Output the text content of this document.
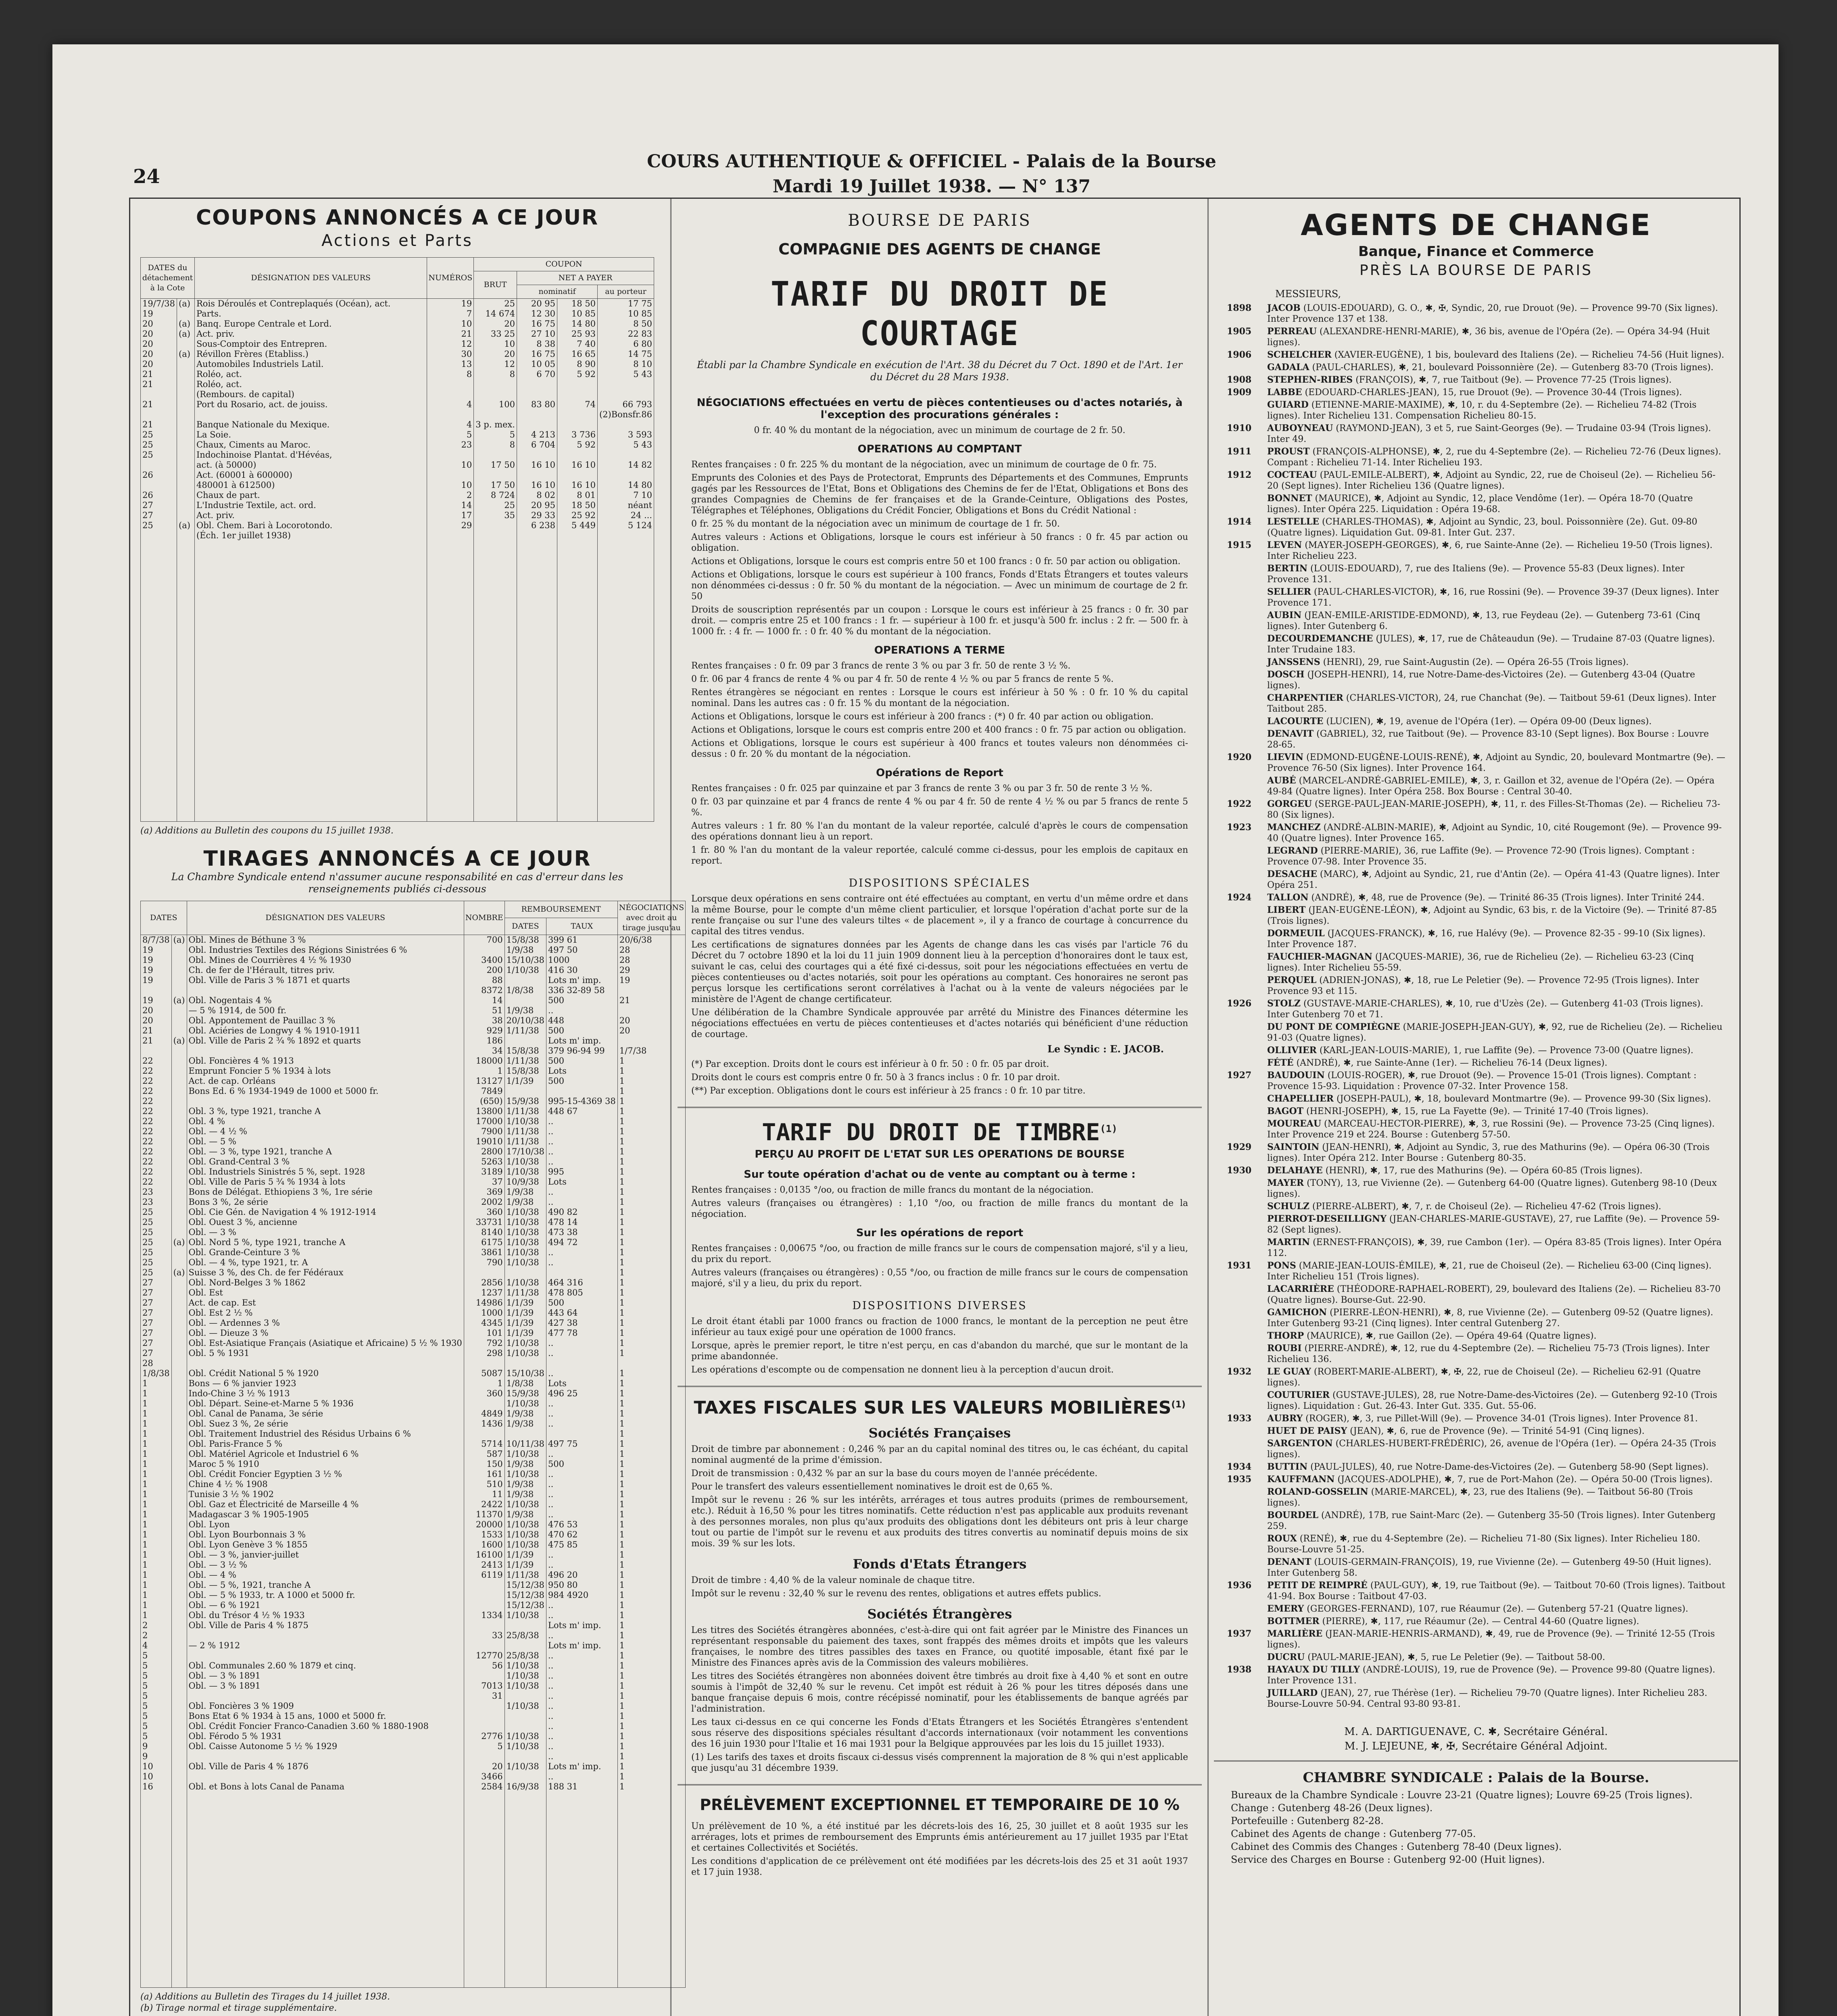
24
COURS AUTHENTIQUE & OFFICIEL - Palais de la Bourse
Mardi 19 Juillet 1938. — N° 137
COUPONS ANNONCÉS A CE JOUR
Actions et Parts
DATES du détachement à la Cote		DÉSIGNATION DES VALEURS	NUMÉROS	COUPON			
				BRUT	NET A PAYER		
					nominatif		au porteur
19/7/38	(a)	Rois Déroulés et Contreplaqués (Océan), act.	19	25	20 95	18 50	17 75
19		Parts.	7	14 674	12 30	10 85	10 85
20	(a)	Banq. Europe Centrale et Lord.	10	20	16 75	14 80	8 50
20	(a)	Act. priv.	21	33 25	27 10	25 93	22 83
20		Sous-Comptoir des Entrepren.	12	10	8 38	7 40	6 80
20	(a)	Révillon Frères (Etabliss.)	30	20	16 75	16 65	14 75
20		Automobiles Industriels Latil.	13	12	10 05	8 90	8 10
21		Roléo, act.	8	8	6 70	5 92	5 43
21		Roléo, act.					
		(Rembours. de capital)					
21		Port du Rosario, act. de jouiss.	4	100	83 80	74	66 793
							(2)Bonsfr.86
21		Banque Nationale du Mexique.	4	3 p. mex.			
25		La Soie.	5	5	4 213	3 736	3 593
25		Chaux, Ciments au Maroc.	23	8	6 704	5 92	5 43
25		Indochinoise Plantat. d'Hévéas,					
		act. (à 50000)	10	17 50	16 10	16 10	14 82
26		Act. (60001 à 600000)					
		480001 à 612500)	10	17 50	16 10	16 10	14 80
26		Chaux de part.	2	8 724	8 02	8 01	7 10
27		L'Industrie Textile, act. ord.	14	25	20 95	18 50	néant
27		Act. priv.	17	35	29 33	25 92	24 ...

25	(a)	Obl. Chem. Bari à Locorotondo.	29		6 238	5 449	5 124
		(Éch. 1er juillet 1938)					

(a) Additions au Bulletin des coupons du 15 juillet 1938.
TIRAGES ANNONCÉS A CE JOUR
La Chambre Syndicale entend n'assumer aucune responsabilité en cas d'erreur dans les renseignements publiés ci-dessous
DATES		DÉSIGNATION DES VALEURS	NOMBRE	REMBOURSEMENT		NÉGOCIATIONS avec droit au tirage jusqu'au
				DATES	TAUX	
8/7/38	(a)	Obl. Mines de Béthune 3 %	700	15/8/38	399 61	20/6/38
19		Obl. Industries Textiles des Régions Sinistrées 6 %		1/9/38	497 50	28
19		Obl. Mines de Courrières 4 ½ % 1930	3400	15/10/38	1000	28
19		Ch. de fer de l'Hérault, titres priv.	200	1/10/38	416 30	29
19		Obl. Ville de Paris 3 % 1871 et quarts	88		Lots m' imp.	19
			8372	1/8/38	336 32-89 58	
19	(a)	Obl. Nogentais 4 %	14		500	21
20		— 5 % 1914, de 500 fr.	51	1/9/38	..	
20		Obl. Appontement de Pauillac 3 %	38	20/10/38	448	20
21		Obl. Aciéries de Longwy 4 % 1910-1911	929	1/11/38	500	20
21	(a)	Obl. Ville de Paris 2 ¾ % 1892 et quarts	186		Lots m' imp.	
			34	15/8/38	379 96-94 99	1/7/38
22		Obl. Foncières 4 % 1913	18000	1/11/38	500	1
22		Emprunt Foncier 5 % 1934 à lots	1	15/8/38	Lots	1
22		Act. de cap. Orléans	13127	1/1/39	500	1
22		Bons Ed. 6 % 1934-1949 de 1000 et 5000 fr.	7849			1
22			(650)	15/9/38	995-15-4369 38	1
22		Obl. 3 %, type 1921, tranche A	13800	1/11/38	448 67	1
22		Obl. 4 %	17000	1/10/38	..	1
22		Obl. — 4 ½ %	7900	1/11/38	..	1
22		Obl. — 5 %	19010	1/11/38	..	1
22		Obl. — 3 %, type 1921, tranche A	2800	17/10/38	..	1
22		Obl. Grand-Central 3 %	5263	1/10/38	..	1
22		Obl. Industriels Sinistrés 5 %, sept. 1928	3189	1/10/38	995	1
22		Obl. Ville de Paris 5 ¾ % 1934 à lots	37	10/9/38	Lots	1
23		Bons de Délégat. Ethiopiens 3 %, 1re série	369	1/9/38	..	1
23		Bons 3 %, 2e série	2002	1/9/38	..	1
25		Obl. Cie Gén. de Navigation 4 % 1912-1914	360	1/10/38	490 82	1
25		Obl. Ouest 3 %, ancienne	33731	1/10/38	478 14	1
25		Obl. — 3 %	8140	1/10/38	473 38	1
25	(a)	Obl. Nord 5 %, type 1921, tranche A	6175	1/10/38	494 72	1
25		Obl. Grande-Ceinture 3 %	3861	1/10/38	..	1
25		Obl. — 4 %, type 1921, tr. A	790	1/10/38	..	1
25	(a)	Suisse 3 %, des Ch. de fer Fédéraux				1
27		Obl. Nord-Belges 3 % 1862	2856	1/10/38	464 316	1
27		Obl. Est	1237	1/11/38	478 805	1
27		Act. de cap. Est	14986	1/1/39	500	1
27		Obl. Est 2 ½ %	1000	1/1/39	443 64	1
27		Obl. — Ardennes 3 %	4345	1/1/39	427 38	1
27		Obl. — Dieuze 3 %	101	1/1/39	477 78	1
27		Obl. Est-Asiatique Français (Asiatique et Africaine) 5 ½ % 1930	792	1/10/38	..	1
27		Obl. 5 % 1931	298	1/10/38	..	1
28						
1/8/38		Obl. Crédit National 5 % 1920	5087	15/10/38	..	1
1		Bons — 6 % janvier 1923	1	1/8/38	Lots	1
1		Indo-Chine 3 ½ % 1913	360	15/9/38	496 25	1
1		Obl. Départ. Seine-et-Marne 5 % 1936		1/10/38	..	1
1		Obl. Canal de Panama, 3e série	4849	1/9/38	..	1
1		Obl. Suez 3 %, 2e série	1436	1/9/38	..	1
1		Obl. Traitement Industriel des Résidus Urbains 6 %				1
1		Obl. Paris-France 5 %	5714	10/11/38	497 75	1
1		Obl. Matériel Agricole et Industriel 6 %	587	1/10/38	..	1
1		Maroc 5 % 1910	150	1/9/38	500	1
1		Obl. Crédit Foncier Egyptien 3 ½ %	161	1/10/38	..	1
1		Chine 4 ½ % 1908	510	1/9/38	..	1
1		Tunisie 3 ½ % 1902	11	1/9/38	..	1
1		Obl. Gaz et Électricité de Marseille 4 %	2422	1/10/38	..	1
1		Madagascar 3 % 1905-1905	11370	1/9/38	..	1
1		Obl. Lyon	20000	1/10/38	476 53	1
1		Obl. Lyon Bourbonnais 3 %	1533	1/10/38	470 62	1
1		Obl. Lyon Genève 3 % 1855	1600	1/10/38	475 85	1
1		Obl. — 3 %, janvier-juillet	16100	1/1/39	..	1
1		Obl. — 3 ½ %	2413	1/1/39	..	1
1		Obl. — 4 %	6119	1/11/38	496 20	1
1		Obl. — 5 %, 1921, tranche A		15/12/38	950 80	1
1		Obl. — 5 % 1933, tr. A 1000 et 5000 fr.		15/12/38	984 4920	1
1		Obl. — 6 % 1921		15/12/38	..	1
1		Obl. du Trésor 4 ½ % 1933	1334	1/10/38	..	1
2		Obl. Ville de Paris 4 % 1875			Lots m' imp.	1
2			33	25/8/38	..	1
4		— 2 % 1912			Lots m' imp.	1
5			12770	25/8/38	..	1
5		Obl. Communales 2.60 % 1879 et cinq.	56	1/10/38	..	1
5		Obl. — 3 % 1891		1/10/38	..	1
5		Obl. — 3 % 1891	7013	1/10/38	..	1
5			31		..	1
5		Obl. Foncières 3 % 1909		1/10/38	..	1
5		Bons Etat 6 % 1934 à 15 ans, 1000 et 5000 fr.			..	1
5		Obl. Crédit Foncier Franco-Canadien 3.60 % 1880-1908			..	1
5		Obl. Férodo 5 % 1931	2776	1/10/38	..	1
9		Obl. Caisse Autonome 5 ½ % 1929	5	1/10/38	..	1
9					..	1
10		Obl. Ville de Paris 4 % 1876	20	1/10/38	Lots m' imp.	1
10			3466		..	1
16		Obl. et Bons à lots Canal de Panama	2584	16/9/38	188 31	1

(a) Additions au Bulletin des Tirages du 14 juillet 1938.
(b) Tirage normal et tirage supplémentaire.
BOURSE DE PARIS
COMPAGNIE DES AGENTS DE CHANGE
TARIF DU DROIT DE COURTAGE
Établi par la Chambre Syndicale en exécution de l'Art. 38 du Décret du 7 Oct. 1890 et de l'Art. 1er du Décret du 28 Mars 1938.
NÉGOCIATIONS effectuées en vertu de pièces contentieuses ou d'actes notariés, à l'exception des procurations générales :

0 fr. 40 % du montant de la négociation, avec un minimum de courtage de 2 fr. 50.

OPERATIONS AU COMPTANT

Rentes françaises : 0 fr. 225 % du montant de la négociation, avec un minimum de courtage de 0 fr. 75.

Emprunts des Colonies et des Pays de Protectorat, Emprunts des Départements et des Communes, Emprunts gagés par les Ressources de l'Etat, Bons et Obligations des Chemins de fer de l'Etat, Obligations et Bons des grandes Compagnies de Chemins de fer françaises et de la Grande-Ceinture, Obligations des Postes, Télégraphes et Téléphones, Obligations du Crédit Foncier, Obligations et Bons du Crédit National :

0 fr. 25 % du montant de la négociation avec un minimum de courtage de 1 fr. 50.

Autres valeurs : Actions et Obligations, lorsque le cours est inférieur à 50 francs : 0 fr. 45 par action ou obligation.

Actions et Obligations, lorsque le cours est compris entre 50 et 100 francs : 0 fr. 50 par action ou obligation.

Actions et Obligations, lorsque le cours est supérieur à 100 francs, Fonds d'Etats Étrangers et toutes valeurs non dénommées ci-dessus : 0 fr. 50 % du montant de la négociation. — Avec un minimum de courtage de 2 fr. 50

Droits de souscription représentés par un coupon : Lorsque le cours est inférieur à 25 francs : 0 fr. 30 par droit. — compris entre 25 et 100 francs : 1 fr. — supérieur à 100 fr. et jusqu'à 500 fr. inclus : 2 fr. — 500 fr. à 1000 fr. : 4 fr. — 1000 fr. : 0 fr. 40 % du montant de la négociation.

OPERATIONS A TERME

Rentes françaises : 0 fr. 09 par 3 francs de rente 3 % ou par 3 fr. 50 de rente 3 ½ %.

0 fr. 06 par 4 francs de rente 4 % ou par 4 fr. 50 de rente 4 ½ % ou par 5 francs de rente 5 %.

Rentes étrangères se négociant en rentes : Lorsque le cours est inférieur à 50 % : 0 fr. 10 % du capital nominal. Dans les autres cas : 0 fr. 15 % du montant de la négociation.

Actions et Obligations, lorsque le cours est inférieur à 200 francs : (*) 0 fr. 40 par action ou obligation.

Actions et Obligations, lorsque le cours est compris entre 200 et 400 francs : 0 fr. 75 par action ou obligation.

Actions et Obligations, lorsque le cours est supérieur à 400 francs et toutes valeurs non dénommées ci-dessus : 0 fr. 20 % du montant de la négociation.

Opérations de Report

Rentes françaises : 0 fr. 025 par quinzaine et par 3 francs de rente 3 % ou par 3 fr. 50 de rente 3 ½ %.

0 fr. 03 par quinzaine et par 4 francs de rente 4 % ou par 4 fr. 50 de rente 4 ½ % ou par 5 francs de rente 5 %.

Autres valeurs : 1 fr. 80 % l'an du montant de la valeur reportée, calculé d'après le cours de compensation des opérations donnant lieu à un report.

1 fr. 80 % l'an du montant de la valeur reportée, calculé comme ci-dessus, pour les emplois de capitaux en report.

DISPOSITIONS SPÉCIALES

Lorsque deux opérations en sens contraire ont été effectuées au comptant, en vertu d'un même ordre et dans la même Bourse, pour le compte d'un même client particulier, et lorsque l'opération d'achat porte sur de la rente française ou sur l'une des valeurs tiltes « de placement », il y a franco de courtage à concurrence du capital des titres vendus.

Les certifications de signatures données par les Agents de change dans les cas visés par l'article 76 du Décret du 7 octobre 1890 et la loi du 11 juin 1909 donnent lieu à la perception d'honoraires dont le taux est, suivant le cas, celui des courtages qui a été fixé ci-dessus, soit pour les négociations effectuées en vertu de pièces contentieuses ou d'actes notariés, soit pour les opérations au comptant. Ces honoraires ne seront pas perçus lorsque les certifications seront corrélatives à l'achat ou à la vente de valeurs négociées par le ministère de l'Agent de change certificateur.

Une délibération de la Chambre Syndicale approuvée par arrêté du Ministre des Finances détermine les négociations effectuées en vertu de pièces contentieuses et d'actes notariés qui bénéficient d'une réduction de courtage.

Le Syndic : E. JACOB.

(*) Par exception. Droits dont le cours est inférieur à 0 fr. 50 : 0 fr. 05 par droit.

Droits dont le cours est compris entre 0 fr. 50 à 3 francs inclus : 0 fr. 10 par droit.

(**) Par exception. Obligations dont le cours est inférieur à 25 francs : 0 fr. 10 par titre.

TARIF DU DROIT DE TIMBRE$^{(1)}$
PERÇU AU PROFIT DE L'ETAT SUR LES OPERATIONS DE BOURSE
Sur toute opération d'achat ou de vente au comptant ou à terme :

Rentes françaises : 0,0135 °/oo, ou fraction de mille francs du montant de la négociation.

Autres valeurs (françaises ou étrangères) : 1,10 °/oo, ou fraction de mille francs du montant de la négociation.

Sur les opérations de report

Rentes françaises : 0,00675 °/oo, ou fraction de mille francs sur le cours de compensation majoré, s'il y a lieu, du prix du report.

Autres valeurs (françaises ou étrangères) : 0,55 °/oo, ou fraction de mille francs sur le cours de compensation majoré, s'il y a lieu, du prix du report.

DISPOSITIONS DIVERSES

Le droit étant établi par 1000 francs ou fraction de 1000 francs, le montant de la perception ne peut être inférieur au taux exigé pour une opération de 1000 francs.

Lorsque, après le premier report, le titre n'est perçu, en cas d'abandon du marché, que sur le montant de la prime abandonnée.

Les opérations d'escompte ou de compensation ne donnent lieu à la perception d'aucun droit.

TAXES FISCALES SUR LES VALEURS MOBILIÈRES$^{(1)}$
Sociétés Françaises

Droit de timbre par abonnement : 0,246 % par an du capital nominal des titres ou, le cas échéant, du capital nominal augmenté de la prime d'émission.

Droit de transmission : 0,432 % par an sur la base du cours moyen de l'année précédente.

Pour le transfert des valeurs essentiellement nominatives le droit est de 0,65 %.

Impôt sur le revenu : 26 % sur les intérêts, arrérages et tous autres produits (primes de remboursement, etc.). Réduit à 16,50 % pour les titres nominatifs. Cette réduction n'est pas applicable aux produits revenant à des personnes morales, non plus qu'aux produits des obligations dont les débiteurs ont pris à leur charge tout ou partie de l'impôt sur le revenu et aux produits des titres convertis au nominatif depuis moins de six mois. 39 % sur les lots.

Fonds d'Etats Étrangers

Droit de timbre : 4,40 % de la valeur nominale de chaque titre.

Impôt sur le revenu : 32,40 % sur le revenu des rentes, obligations et autres effets publics.

Sociétés Étrangères

Les titres des Sociétés étrangères abonnées, c'est-à-dire qui ont fait agréer par le Ministre des Finances un représentant responsable du paiement des taxes, sont frappés des mêmes droits et impôts que les valeurs françaises, le nombre des titres passibles des taxes en France, ou quotité imposable, étant fixé par le Ministre des Finances après avis de la Commission des valeurs mobilières.

Les titres des Sociétés étrangères non abonnées doivent être timbrés au droit fixe à 4,40 % et sont en outre soumis à l'impôt de 32,40 % sur le revenu. Cet impôt est réduit à 26 % pour les titres déposés dans une banque française depuis 6 mois, contre récépissé nominatif, pour les établissements de banque agréés par l'administration.

Les taux ci-dessus en ce qui concerne les Fonds d'Etats Étrangers et les Sociétés Étrangères s'entendent sous réserve des dispositions spéciales résultant d'accords internationaux (voir notamment les conventions des 16 juin 1930 pour l'Italie et 16 mai 1931 pour la Belgique approuvées par les lois du 15 juillet 1933).

(1) Les tarifs des taxes et droits fiscaux ci-dessus visés comprennent la majoration de 8 % qui n'est applicable que jusqu'au 31 décembre 1939.

PRÉLÈVEMENT EXCEPTIONNEL ET TEMPORAIRE DE 10 %

Un prélèvement de 10 %, a été institué par les décrets-lois des 16, 25, 30 juillet et 8 août 1935 sur les arrérages, lots et primes de remboursement des Emprunts émis antérieurement au 17 juillet 1935 par l'Etat et certaines Collectivités et Sociétés.

Les conditions d'application de ce prélèvement ont été modifiées par les décrets-lois des 25 et 31 août 1937 et 17 juin 1938.

AGENTS DE CHANGE
Banque, Finance et Commerce
PRÈS LA BOURSE DE PARIS
MESSIEURS,
1898	JACOB (LOUIS-EDOUARD), G. O., ✱, ✠, Syndic, 20, rue Drouot (9e). — Provence 99-70 (Six lignes). Inter Provence 137 et 138.
1905	PERREAU (ALEXANDRE-HENRI-MARIE), ✱, 36 bis, avenue de l'Opéra (2e). — Opéra 34-94 (Huit lignes).
1906	SCHELCHER (XAVIER-EUGÈNE), 1 bis, boulevard des Italiens (2e). — Richelieu 74-56 (Huit lignes).
GADALA (PAUL-CHARLES), ✱, 21, boulevard Poissonnière (2e). — Gutenberg 83-70 (Trois lignes).
1908	STEPHEN-RIBES (FRANÇOIS), ✱, 7, rue Taitbout (9e). — Provence 77-25 (Trois lignes).
1909	LABBE (EDOUARD-CHARLES-JEAN), 15, rue Drouot (9e). — Provence 30-44 (Trois lignes).
GUIARD (ETIENNE-MARIE-MAXIME), ✱, 10, r. du 4-Septembre (2e). — Richelieu 74-82 (Trois lignes). Inter Richelieu 131. Compensation Richelieu 80-15.
1910	AUBOYNEAU (RAYMOND-JEAN), 3 et 5, rue Saint-Georges (9e). — Trudaine 03-94 (Trois lignes). Inter 49.
1911	PROUST (FRANÇOIS-ALPHONSE), ✱, 2, rue du 4-Septembre (2e). — Richelieu 72-76 (Deux lignes). Compant : Richelieu 71-14. Inter Richelieu 193.
1912	COCTEAU (PAUL-EMILE-ALBERT), ✱, Adjoint au Syndic, 22, rue de Choiseul (2e). — Richelieu 56-20 (Sept lignes). Inter Richelieu 136 (Quatre lignes).
BONNET (MAURICE), ✱, Adjoint au Syndic, 12, place Vendôme (1er). — Opéra 18-70 (Quatre lignes). Inter Opéra 225. Liquidation : Opéra 19-68.
1914	LESTELLE (CHARLES-THOMAS), ✱, Adjoint au Syndic, 23, boul. Poissonnière (2e). Gut. 09-80 (Quatre lignes). Liquidation Gut. 09-81. Inter Gut. 237.
1915	LEVEN (MAYER-JOSEPH-GEORGES), ✱, 6, rue Sainte-Anne (2e). — Richelieu 19-50 (Trois lignes). Inter Richelieu 223.
BERTIN (LOUIS-EDOUARD), 7, rue des Italiens (9e). — Provence 55-83 (Deux lignes). Inter Provence 131.
SELLIER (PAUL-CHARLES-VICTOR), ✱, 16, rue Rossini (9e). — Provence 39-37 (Deux lignes). Inter Provence 171.
AUBIN (JEAN-EMILE-ARISTIDE-EDMOND), ✱, 13, rue Feydeau (2e). — Gutenberg 73-61 (Cinq lignes). Inter Gutenberg 6.
DECOURDEMANCHE (JULES), ✱, 17, rue de Châteaudun (9e). — Trudaine 87-03 (Quatre lignes). Inter Trudaine 183.
JANSSENS (HENRI), 29, rue Saint-Augustin (2e). — Opéra 26-55 (Trois lignes).
DOSCH (JOSEPH-HENRI), 14, rue Notre-Dame-des-Victoires (2e). — Gutenberg 43-04 (Quatre lignes).
CHARPENTIER (CHARLES-VICTOR), 24, rue Chanchat (9e). — Taitbout 59-61 (Deux lignes). Inter Taitbout 285.
LACOURTE (LUCIEN), ✱, 19, avenue de l'Opéra (1er). — Opéra 09-00 (Deux lignes).
DENAVIT (GABRIEL), 32, rue Taitbout (9e). — Provence 83-10 (Sept lignes). Box Bourse : Louvre 28-65.
1920	LIEVIN (EDMOND-EUGÈNE-LOUIS-RENÉ), ✱, Adjoint au Syndic, 20, boulevard Montmartre (9e). — Provence 76-50 (Six lignes). Inter Provence 164.
AUBÉ (MARCEL-ANDRÉ-GABRIEL-EMILE), ✱, 3, r. Gaillon et 32, avenue de l'Opéra (2e). — Opéra 49-84 (Quatre lignes). Inter Opéra 258. Box Bourse : Central 30-40.
1922	GORGEU (SERGE-PAUL-JEAN-MARIE-JOSEPH), ✱, 11, r. des Filles-St-Thomas (2e). — Richelieu 73-80 (Six lignes).
1923	MANCHEZ (ANDRÉ-ALBIN-MARIE), ✱, Adjoint au Syndic, 10, cité Rougemont (9e). — Provence 99-40 (Quatre lignes). Inter Provence 165.
LEGRAND (PIERRE-MARIE), 36, rue Laffite (9e). — Provence 72-90 (Trois lignes). Comptant : Provence 07-98. Inter Provence 35.
DESACHE (MARC), ✱, Adjoint au Syndic, 21, rue d'Antin (2e). — Opéra 41-43 (Quatre lignes). Inter Opéra 251.
1924	TALLON (ANDRÉ), ✱, 48, rue de Provence (9e). — Trinité 86-35 (Trois lignes). Inter Trinité 244.
LIBERT (JEAN-EUGÈNE-LÉON), ✱, Adjoint au Syndic, 63 bis, r. de la Victoire (9e). — Trinité 87-85 (Trois lignes).
DORMEUIL (JACQUES-FRANCK), ✱, 16, rue Halévy (9e). — Provence 82-35 - 99-10 (Six lignes). Inter Provence 187.
FAUCHIER-MAGNAN (JACQUES-MARIE), 36, rue de Richelieu (2e). — Richelieu 63-23 (Cinq lignes). Inter Richelieu 55-59.
PERQUEL (ADRIEN-JONAS), ✱, 18, rue Le Peletier (9e). — Provence 72-95 (Trois lignes). Inter Provence 93 et 115.
1926	STOLZ (GUSTAVE-MARIE-CHARLES), ✱, 10, rue d'Uzès (2e). — Gutenberg 41-03 (Trois lignes). Inter Gutenberg 70 et 71.
DU PONT DE COMPIÈGNE (MARIE-JOSEPH-JEAN-GUY), ✱, 92, rue de Richelieu (2e). — Richelieu 91-03 (Quatre lignes).
OLLIVIER (KARL-JEAN-LOUIS-MARIE), 1, rue Laffite (9e). — Provence 73-00 (Quatre lignes).
FÉTÉ (ANDRÉ), ✱, rue Sainte-Anne (1er). — Richelieu 76-14 (Deux lignes).
1927	BAUDOUIN (LOUIS-ROGER), ✱, rue Drouot (9e). — Provence 15-01 (Trois lignes). Comptant : Provence 15-93. Liquidation : Provence 07-32. Inter Provence 158.
CHAPELLIER (JOSEPH-PAUL), ✱, 18, boulevard Montmartre (9e). — Provence 99-30 (Six lignes).
BAGOT (HENRI-JOSEPH), ✱, 15, rue La Fayette (9e). — Trinité 17-40 (Trois lignes).
MOUREAU (MARCEAU-HECTOR-PIERRE), ✱, 3, rue Rossini (9e). — Provence 73-25 (Cinq lignes). Inter Provence 219 et 224. Bourse : Gutenberg 57-50.
1929	SAINTOIN (JEAN-HENRI), ✱, Adjoint au Syndic, 3, rue des Mathurins (9e). — Opéra 06-30 (Trois lignes). Inter Opéra 212. Inter Bourse : Gutenberg 80-35.
1930	DELAHAYE (HENRI), ✱, 17, rue des Mathurins (9e). — Opéra 60-85 (Trois lignes).
MAYER (TONY), 13, rue Vivienne (2e). — Gutenberg 64-00 (Quatre lignes). Gutenberg 98-10 (Deux lignes).
SCHULZ (PIERRE-ALBERT), ✱, 7, r. de Choiseul (2e). — Richelieu 47-62 (Trois lignes).
PIERROT-DESEILLIGNY (JEAN-CHARLES-MARIE-GUSTAVE), 27, rue Laffite (9e). — Provence 59-82 (Sept lignes).
MARTIN (ERNEST-FRANÇOIS), ✱, 39, rue Cambon (1er). — Opéra 83-85 (Trois lignes). Inter Opéra 112.
1931	PONS (MARIE-JEAN-LOUIS-ÉMILE), ✱, 21, rue de Choiseul (2e). — Richelieu 63-00 (Cinq lignes). Inter Richelieu 151 (Trois lignes).
LACARRIÈRE (THÉODORE-RAPHAEL-ROBERT), 29, boulevard des Italiens (2e). — Richelieu 83-70 (Quatre lignes). Bourse-Gut. 22-90.
GAMICHON (PIERRE-LÉON-HENRI), ✱, 8, rue Vivienne (2e). — Gutenberg 09-52 (Quatre lignes). Inter Gutenberg 93-21 (Cinq lignes). Inter central Gutenberg 27.
THORP (MAURICE), ✱, rue Gaillon (2e). — Opéra 49-64 (Quatre lignes).
ROUBI (PIERRE-ANDRÉ), ✱, 12, rue du 4-Septembre (2e). — Richelieu 75-73 (Trois lignes). Inter Richelieu 136.
1932	LE GUAY (ROBERT-MARIE-ALBERT), ✱, ✠, 22, rue de Choiseul (2e). — Richelieu 62-91 (Quatre lignes).
COUTURIER (GUSTAVE-JULES), 28, rue Notre-Dame-des-Victoires (2e). — Gutenberg 92-10 (Trois lignes). Liquidation : Gut. 26-43. Inter Gut. 335. Gut. 55-06.
1933	AUBRY (ROGER), ✱, 3, rue Pillet-Will (9e). — Provence 34-01 (Trois lignes). Inter Provence 81.
HUET DE PAISY (JEAN), ✱, 6, rue de Provence (9e). — Trinité 54-91 (Cinq lignes).
SARGENTON (CHARLES-HUBERT-FRÉDÉRIC), 26, avenue de l'Opéra (1er). — Opéra 24-35 (Trois lignes).
1934	BUTTIN (PAUL-JULES), 40, rue Notre-Dame-des-Victoires (2e). — Gutenberg 58-90 (Sept lignes).
1935	KAUFFMANN (JACQUES-ADOLPHE), ✱, 7, rue de Port-Mahon (2e). — Opéra 50-00 (Trois lignes).
ROLAND-GOSSELIN (MARIE-MARCEL), ✱, 23, rue des Italiens (9e). — Taitbout 56-80 (Trois lignes).
BOURDEL (ANDRÉ), 17B, rue Saint-Marc (2e). — Gutenberg 35-50 (Trois lignes). Inter Gutenberg 259.
ROUX (RENÉ), ✱, rue du 4-Septembre (2e). — Richelieu 71-80 (Six lignes). Inter Richelieu 180. Bourse-Louvre 51-25.
DENANT (LOUIS-GERMAIN-FRANÇOIS), 19, rue Vivienne (2e). — Gutenberg 49-50 (Huit lignes). Inter Gutenberg 58.
1936	PETIT DE REIMPRÉ (PAUL-GUY), ✱, 19, rue Taitbout (9e). — Taitbout 70-60 (Trois lignes). Taitbout 41-94. Box Bourse : Taitbout 47-03.
EMERY (GEORGES-FERNAND), 107, rue Réaumur (2e). — Gutenberg 57-21 (Quatre lignes).
BOTTMER (PIERRE), ✱, 117, rue Réaumur (2e). — Central 44-60 (Quatre lignes).
1937	MARLIÈRE (JEAN-MARIE-HENRIS-ARMAND), ✱, 49, rue de Provence (9e). — Trinité 12-55 (Trois lignes).
DUCRU (PAUL-MARIE-JEAN), ✱, 5, rue Le Peletier (9e). — Taitbout 58-00.
1938	HAYAUX DU TILLY (ANDRÉ-LOUIS), 19, rue de Provence (9e). — Provence 99-80 (Quatre lignes). Inter Provence 131.
JUILLARD (JEAN), 27, rue Thérèse (1er). — Richelieu 79-70 (Quatre lignes). Inter Richelieu 283. Bourse-Louvre 50-94. Central 93-80 93-81.
M. A. DARTIGUENAVE, C. ✱, Secrétaire Général.
M. J. LEJEUNE, ✱, ✠, Secrétaire Général Adjoint.
CHAMBRE SYNDICALE : Palais de la Bourse.
Bureaux de la Chambre Syndicale : Louvre 23-21 (Quatre lignes); Louvre 69-25 (Trois lignes).
Change : Gutenberg 48-26 (Deux lignes).
Portefeuille : Gutenberg 82-28.
Cabinet des Agents de change : Gutenberg 77-05.
Cabinet des Commis des Changes : Gutenberg 78-40 (Deux lignes).
Service des Charges en Bourse : Gutenberg 92-00 (Huit lignes).
